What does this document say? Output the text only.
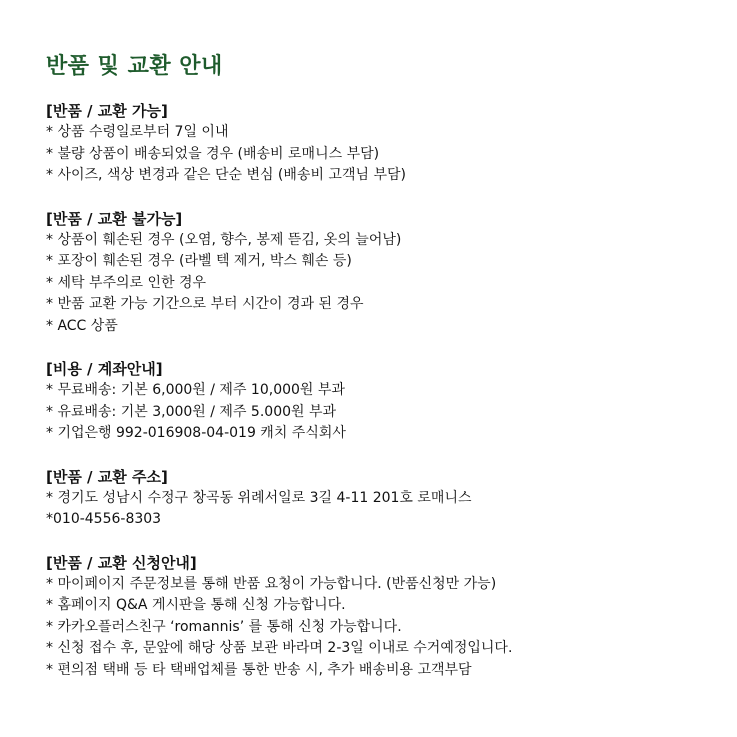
반품 및 교환 안내
[반품 / 교환 가능]
* 상품 수령일로부터 7일 이내
* 불량 상품이 배송되었을 경우 (배송비 로매니스 부담)
* 사이즈, 색상 변경과 같은 단순 변심 (배송비 고객님 부담)
[반품 / 교환 불가능]
* 상품이 훼손된 경우 (오염, 향수, 봉제 뜯김, 옷의 늘어남)
* 포장이 훼손된 경우 (라벨 텍 제거, 박스 훼손 등)
* 세탁 부주의로 인한 경우
* 반품 교환 가능 기간으로 부터 시간이 경과 된 경우
* ACC 상품
[비용 / 계좌안내]
* 무료배송: 기본 6,000원 / 제주 10,000원 부과
* 유료배송: 기본 3,000원 / 제주 5.000원 부과
* 기업은행 992-016908-04-019 캐치 주식회사
[반품 / 교환 주소]
* 경기도 성남시 수정구 창곡동 위례서일로 3길 4-11 201호 로매니스
*010-4556-8303
[반품 / 교환 신청안내]
* 마이페이지 주문정보를 통해 반품 요청이 가능합니다. (반품신청만 가능)
* 홈페이지 Q&A 게시판을 통해 신청 가능합니다.
* 카카오플러스친구 ‘romannis’ 를 통해 신청 가능합니다.
* 신청 접수 후, 문앞에 해당 상품 보관 바라며 2-3일 이내로 수거예정입니다.
* 편의점 택배 등 타 택배업체를 통한 반송 시, 추가 배송비용 고객부담
